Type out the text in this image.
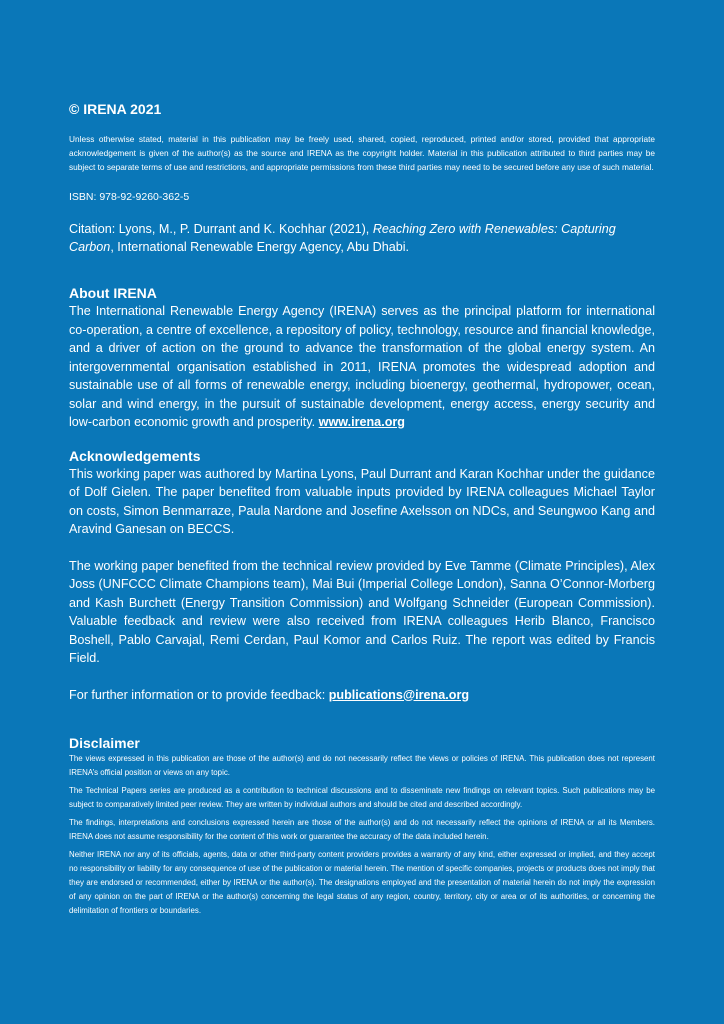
© IRENA 2021

Unless otherwise stated, material in this publication may be freely used, shared, copied, reproduced, printed and/or stored, provided that appropriate acknowledgement is given of the author(s) as the source and IRENA as the copyright holder. Material in this publication attributed to third parties may be subject to separate terms of use and restrictions, and appropriate permissions from these third parties may need to be secured before any use of such material.

ISBN: 978-92-9260-362-5

Citation: Lyons, M., P. Durrant and K. Kochhar (2021), Reaching Zero with Renewables: Capturing Carbon, International Renewable Energy Agency, Abu Dhabi.

About IRENA

The International Renewable Energy Agency (IRENA) serves as the principal platform for international co-operation, a centre of excellence, a repository of policy, technology, resource and financial knowledge, and a driver of action on the ground to advance the transformation of the global energy system. An intergovernmental organisation established in 2011, IRENA promotes the widespread adoption and sustainable use of all forms of renewable energy, including bioenergy, geothermal, hydropower, ocean, solar and wind energy, in the pursuit of sustainable development, energy access, energy security and low-carbon economic growth and prosperity. www.irena.org

Acknowledgements

This working paper was authored by Martina Lyons, Paul Durrant and Karan Kochhar under the guidance of Dolf Gielen. The paper benefited from valuable inputs provided by IRENA colleagues Michael Taylor on costs, Simon Benmarraze, Paula Nardone and Josefine Axelsson on NDCs, and Seungwoo Kang and Aravind Ganesan on BECCS.

The working paper benefited from the technical review provided by Eve Tamme (Climate Principles), Alex Joss (UNFCCC Climate Champions team), Mai Bui (Imperial College London), Sanna O’Connor-Morberg and Kash Burchett (Energy Transition Commission) and Wolfgang Schneider (European Commission). Valuable feedback and review were also received from IRENA colleagues Herib Blanco, Francisco Boshell, Pablo Carvajal, Remi Cerdan, Paul Komor and Carlos Ruiz. The report was edited by Francis Field.

For further information or to provide feedback: publications@irena.org

Disclaimer

The views expressed in this publication are those of the author(s) and do not necessarily reflect the views or policies of IRENA. This publication does not represent IRENA’s official position or views on any topic.

The Technical Papers series are produced as a contribution to technical discussions and to disseminate new findings on relevant topics. Such publications may be subject to comparatively limited peer review. They are written by individual authors and should be cited and described accordingly.

The findings, interpretations and conclusions expressed herein are those of the author(s) and do not necessarily reflect the opinions of IRENA or all its Members. IRENA does not assume responsibility for the content of this work or guarantee the accuracy of the data included herein.

Neither IRENA nor any of its officials, agents, data or other third-party content providers provides a warranty of any kind, either expressed or implied, and they accept no responsibility or liability for any consequence of use of the publication or material herein. The mention of specific companies, projects or products does not imply that they are endorsed or recommended, either by IRENA or the author(s). The designations employed and the presentation of material herein do not imply the expression of any opinion on the part of IRENA or the author(s) concerning the legal status of any region, country, territory, city or area or of its authorities, or concerning the delimitation of frontiers or boundaries.
